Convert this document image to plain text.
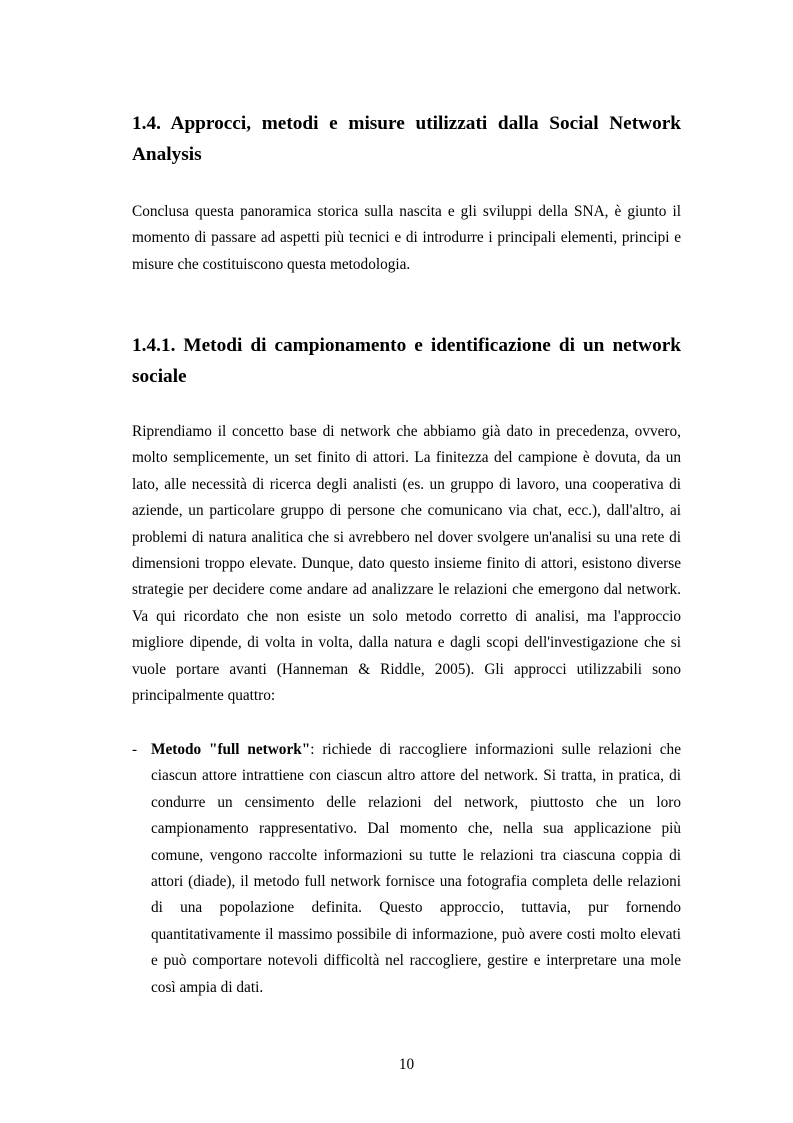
1.4. Approcci, metodi e misure utilizzati dalla Social Network Analysis

Conclusa questa panoramica storica sulla nascita e gli sviluppi della SNA, è giunto il momento di passare ad aspetti più tecnici e di introdurre i principali elementi, principi e misure che costituiscono questa metodologia.

1.4.1. Metodi di campionamento e identificazione di un network sociale

Riprendiamo il concetto base di network che abbiamo già dato in precedenza, ovvero, molto semplicemente, un set finito di attori. La finitezza del campione è dovuta, da un lato, alle necessità di ricerca degli analisti (es. un gruppo di lavoro, una cooperativa di aziende, un particolare gruppo di persone che comunicano via chat, ecc.), dall'altro, ai problemi di natura analitica che si avrebbero nel dover svolgere un'analisi su una rete di dimensioni troppo elevate. Dunque, dato questo insieme finito di attori, esistono diverse strategie per decidere come andare ad analizzare le relazioni che emergono dal network. Va qui ricordato che non esiste un solo metodo corretto di analisi, ma l'approccio migliore dipende, di volta in volta, dalla natura e dagli scopi dell'investigazione che si vuole portare avanti (Hanneman & Riddle, 2005). Gli approcci utilizzabili sono principalmente quattro:

- Metodo "full network": richiede di raccogliere informazioni sulle relazioni che ciascun attore intrattiene con ciascun altro attore del network. Si tratta, in pratica, di condurre un censimento delle relazioni del network, piuttosto che un loro campionamento rappresentativo. Dal momento che, nella sua applicazione più comune, vengono raccolte informazioni su tutte le relazioni tra ciascuna coppia di attori (diade), il metodo full network fornisce una fotografia completa delle relazioni di una popolazione definita. Questo approccio, tuttavia, pur fornendo quantitativamente il massimo possibile di informazione, può avere costi molto elevati e può comportare notevoli difficoltà nel raccogliere, gestire e interpretare una mole così ampia di dati.
10
